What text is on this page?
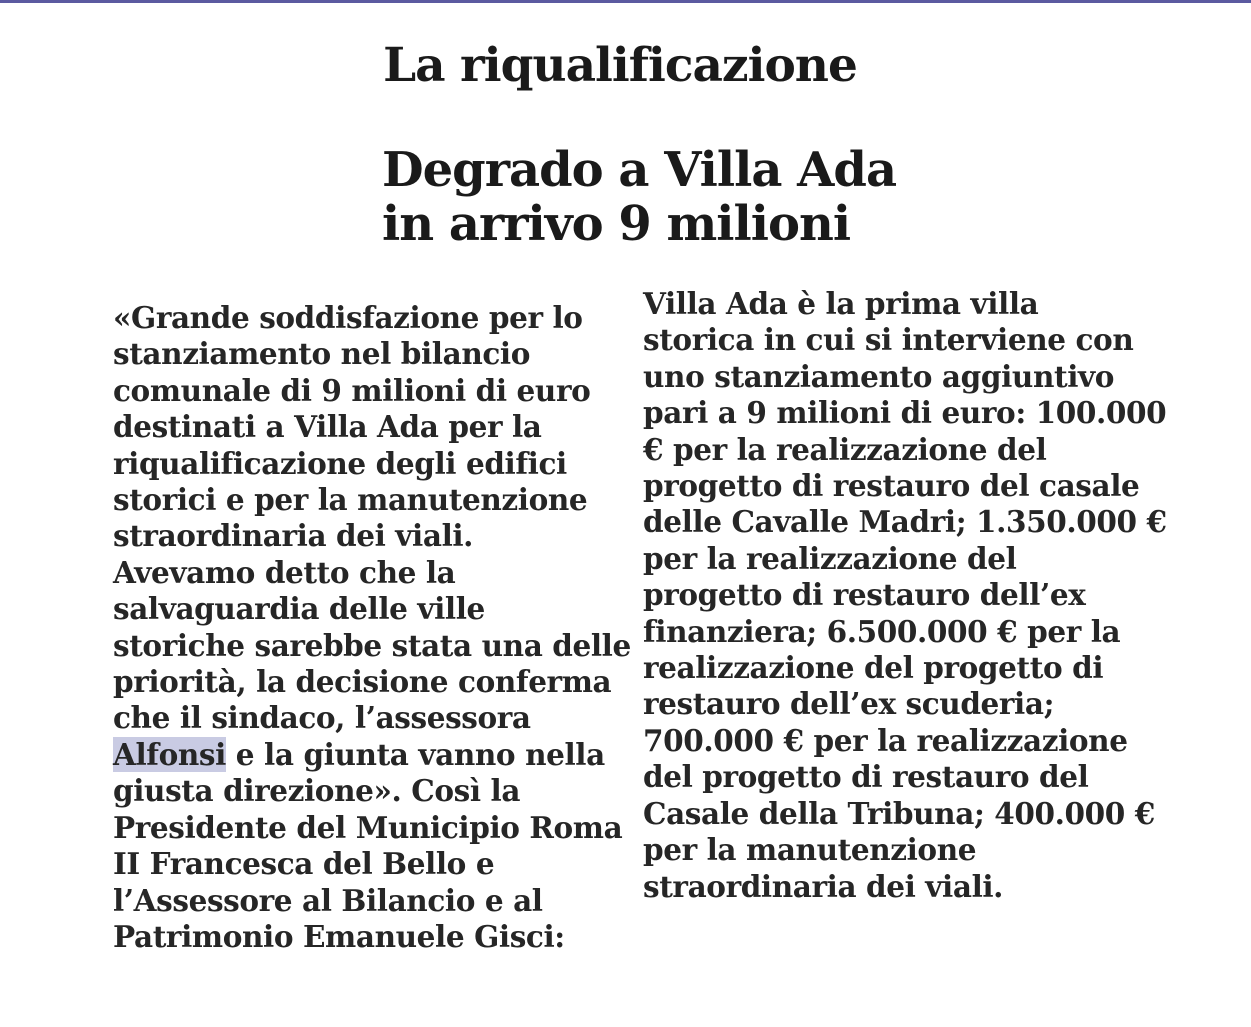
La riqualificazione
Degrado a Villa Ada
in arrivo 9 milioni
«Grande soddisfazione per lo
stanziamento nel bilancio
comunale di 9 milioni di euro
destinati a Villa Ada per la
riqualificazione degli edifici
storici e per la manutenzione
straordinaria dei viali.
Avevamo detto che la
salvaguardia delle ville
storiche sarebbe stata una delle
priorità, la decisione conferma
che il sindaco, l’assessora
Alfonsi e la giunta vanno nella
giusta direzione». Così la
Presidente del Municipio Roma
II Francesca del Bello e
l’Assessore al Bilancio e al
Patrimonio Emanuele Gisci:
Villa Ada è la prima villa
storica in cui si interviene con
uno stanziamento aggiuntivo
pari a 9 milioni di euro: 100.000
€ per la realizzazione del
progetto di restauro del casale
delle Cavalle Madri; 1.350.000 €
per la realizzazione del
progetto di restauro dell’ex
finanziera; 6.500.000 € per la
realizzazione del progetto di
restauro dell’ex scuderia;
700.000 € per la realizzazione
del progetto di restauro del
Casale della Tribuna; 400.000 €
per la manutenzione
straordinaria dei viali.
